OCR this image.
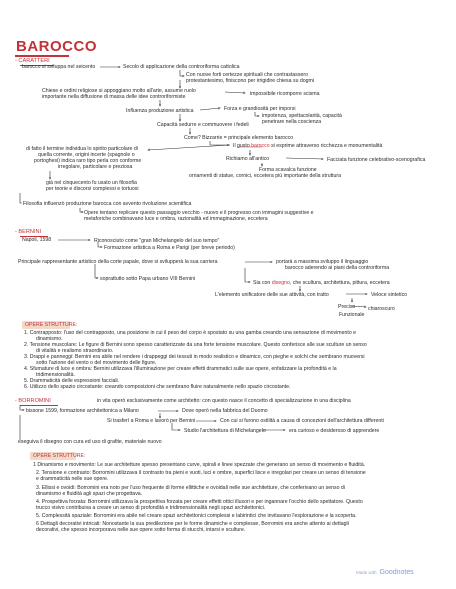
BAROCCO
- CARATTERI
barocco si sviluppa nel seicento	Secolo di applicazione della controriforma cattolica
Con nuove forti certezze spirituali che contrastassero
protestantesimo, finiscono per irrigidire chiesa su dogmi
Chiese e ordini religiose si appoggiano molto all'arte, assume ruolo
importante nella diffusione di massa delle idee controriformiste	impossibile ricomporre scisma
Influenza produzione artistica	Forza e grandiosità per imporsi
impotenza, spettacolarità, capacità
penetrare nella coscienza
Capacità sedurre e commuovere i fedeli
Come? Bizzarrie = principale elemento barocco
Il gusto barocco si esprime attraverso ricchezza e monumentalità
di fatto il termine individua lo spirito particolare di
quella corrente, origini incerte (spagnole o
portoghesi) indica raro tipo perla con conforme
irregolare, particolare e preziosa
Richiamo all'antico	Facciata funzione celebrativo-scenografica
Forma scavalca funzione
ornamenti di statue, cornici, eccetera più importante della struttura
già nel cinquecento fu usato un filosofia
per teorie e discorsi complessi e tortuosi
Filosofia influenzò produzione barocca con avvento rivoluzione scientifica
Opere tentano replicare questo passaggio vecchio - nuovo e il progresso con immagini suggestive e
metaforiche combinavano luce e ombra, razionalità ed immaginazione, eccetera
- BERNINI
Napoli, 1598	Riconosciuto come "gran Michelangelo del suo tempo"
Formazione artistica a Roma e Parigi (per breve periodo)
Principale rappresentante artistico della corte papale, dove si svilupperà la sua carriera	portarà a massima sviluppo il linguaggio
barocco aderendo ai piani della controriforma
soprattutto sotto Papa urbano VIII Bernini
Sia con disegno, che scultura, architettura, pittura, eccetera
L'elemento unificatore delle sue attività, con tratto	Veloce sintetico
Preciso chiaroscuro
Funzionale
OPERE STRUTTURE:
1. Contrapposto: l'uso del contrapposto, una posizione in cui il peso del corpo è spostato su una gamba creando una sensazione di movimento e
dinamismo.
2. Tensione muscolare: Le figure di Bernini sono spesso caratterizzate da una forte tensione muscolare. Questo conferisce alle sue sculture un senso
di vitalità e realismo straordinario.
3. Drappi e panneggi: Bernini era abile nel rendere i drappeggi dei tessuti in modo realistico e dinamico, con pieghe e solchi che sembrano muoversi
sotto l'azione del vento o del movimento delle figure.
4. Sfumature di luce e ombra: Bernini utilizzava l'illuminazione per creare effetti drammatici sulle sue opere, enfatizzare la profondità e la
tridimensionalità.
5. Drammaticità delle espressioni facciali.
6. Utilizzo dello spazio circostante: creando composizioni che sembrano fluire naturalmente nello spazio circostante.
- BORROMINI	in vita operò esclusivamente come architetto: con questo nasce il concetto di specializzazione in una disciplina
bissone 1599, formazione architettonica a Milano	Dove operò nella fabbrica del Duomo
Si trasferì a Roma e lavorò per Bernini	Con cui si furono ostilità a causa di concezioni dell'architettura differenti
Studio l'architettura di Michelangelo	era curioso e desideroso di apprendere
eseguiva il disegno con cura ed uso di grafite, materiale nuovo
OPERE STRUTTURE:
1 Dinamismo e movimento: Le sue architetture spesso presentano curve, spirali e linee spezzate che generano un senso di movimento e fluidità.
2. Tensione e contrasto: Borromini utilizzava il contrasto tra pieni e vuoti, luci e ombre, superfici lisce e irregolari per creare un senso di tensione
e drammaticità nelle sue opere.
3. Ellissi e ovoidi: Borromini era noto per l'uso frequente di forme ellittiche e ovoidali nelle sue architetture, che conferivano un senso di
dinamismo e fluidità agli spazi che progettava.
4. Prospettiva forzata: Borromini utilizzava la prospettiva forzata per creare effetti ottici illusori e per ingannare l'occhio dello spettatore. Questo
trucco visivo contribuiva a creare un senso di profondità e tridimensionalità negli spazi architettonici.
5. Complessità spaziale: Borromini era abile nel creare spazi architettonici complessi e labirintici che invitavano l'esplorazione e la scoperta.
6 Dettagli decorativi intricati: Nonostante la sua predilezione per le forme dinamiche e complesse, Borromini era anche attento ai dettagli
decorativi, che spesso incorporava nelle sue opere sotto forma di stucchi, intarsi e sculture.
Made with Goodnotes
